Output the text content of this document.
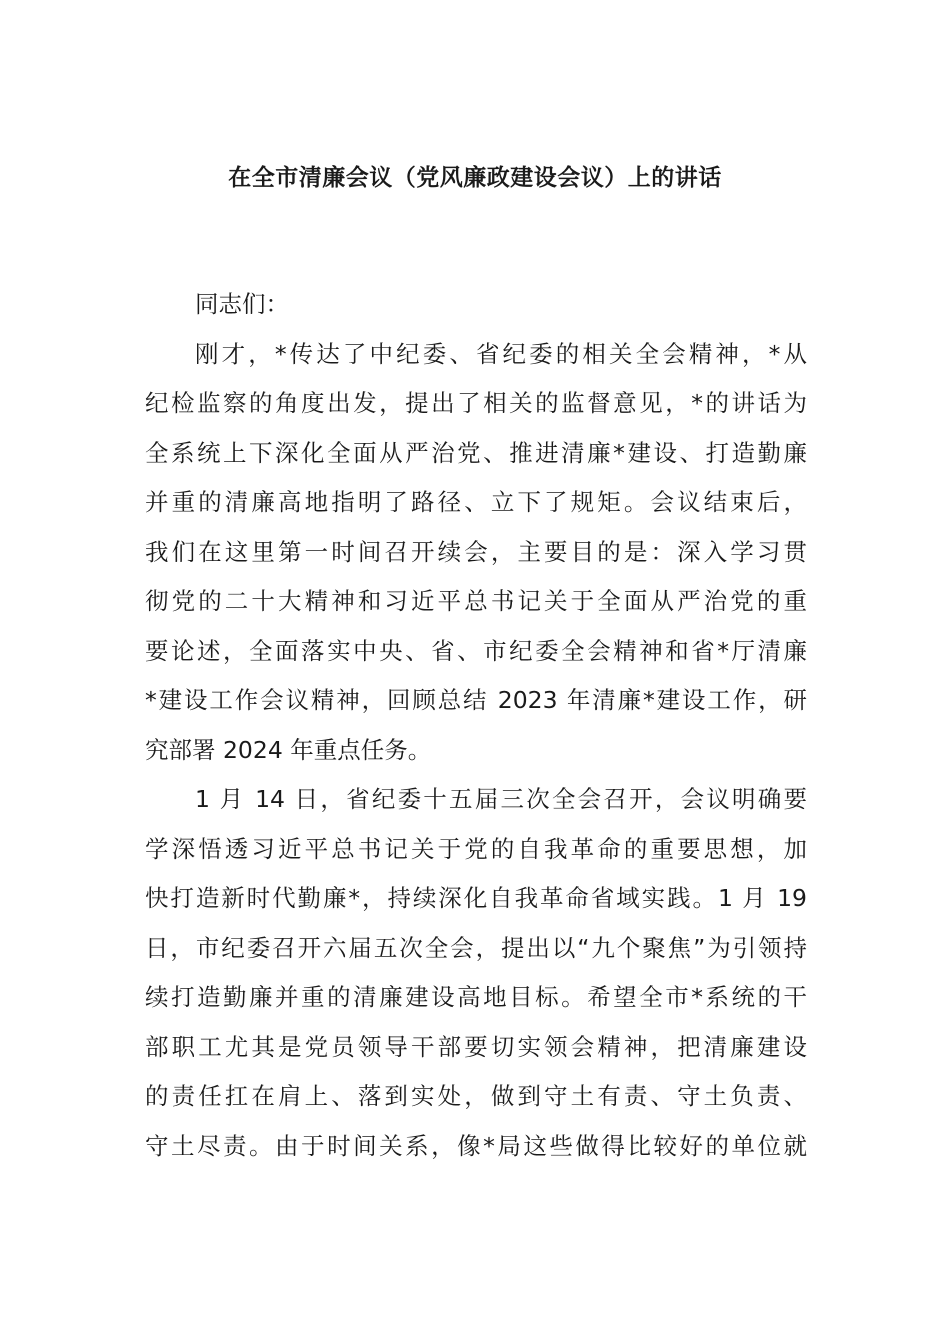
在全市清廉会议（党风廉政建设会议）上的讲话
同志们：
刚才，*传达了中纪委、省纪委的相关全会精神，*从
纪检监察的角度出发，提出了相关的监督意见，*的讲话为
全系统上下深化全面从严治党、推进清廉*建设、打造勤廉
并重的清廉高地指明了路径、立下了规矩。会议结束后，
我们在这里第一时间召开续会，主要目的是：深入学习贯
彻党的二十大精神和习近平总书记关于全面从严治党的重
要论述，全面落实中央、省、市纪委全会精神和省*厅清廉
*建设工作会议精神，回顾总结 2023 年清廉*建设工作，研
究部署 2024 年重点任务。
1 月 14 日，省纪委十五届三次全会召开，会议明确要
学深悟透习近平总书记关于党的自我革命的重要思想，加
快打造新时代勤廉*，持续深化自我革命省域实践。1 月 19
日，市纪委召开六届五次全会，提出以“九个聚焦”为引领持
续打造勤廉并重的清廉建设高地目标。希望全市*系统的干
部职工尤其是党员领导干部要切实领会精神，把清廉建设
的责任扛在肩上、落到实处，做到守土有责、守土负责、
守土尽责。由于时间关系，像*局这些做得比较好的单位就
